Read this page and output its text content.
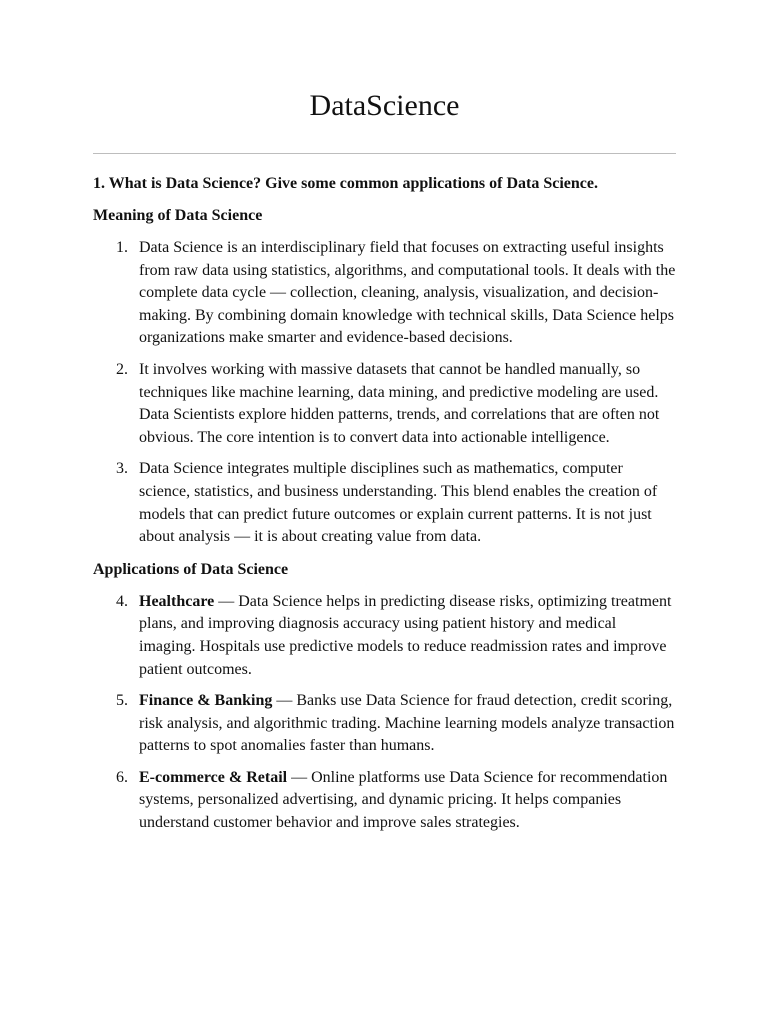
DataScience

1. What is Data Science? Give some common applications of Data Science.

Meaning of Data Science

1. Data Science is an interdisciplinary field that focuses on extracting useful insights from raw data using statistics, algorithms, and computational tools. It deals with the complete data cycle — collection, cleaning, analysis, visualization, and decision-making. By combining domain knowledge with technical skills, Data Science helps organizations make smarter and evidence-based decisions.
2. It involves working with massive datasets that cannot be handled manually, so techniques like machine learning, data mining, and predictive modeling are used. Data Scientists explore hidden patterns, trends, and correlations that are often not obvious. The core intention is to convert data into actionable intelligence.
3. Data Science integrates multiple disciplines such as mathematics, computer science, statistics, and business understanding. This blend enables the creation of models that can predict future outcomes or explain current patterns. It is not just about analysis — it is about creating value from data.

Applications of Data Science

4. Healthcare — Data Science helps in predicting disease risks, optimizing treatment plans, and improving diagnosis accuracy using patient history and medical imaging. Hospitals use predictive models to reduce readmission rates and improve patient outcomes.
5. Finance & Banking — Banks use Data Science for fraud detection, credit scoring, risk analysis, and algorithmic trading. Machine learning models analyze transaction patterns to spot anomalies faster than humans.
6. E-commerce & Retail — Online platforms use Data Science for recommendation systems, personalized advertising, and dynamic pricing. It helps companies understand customer behavior and improve sales strategies.
